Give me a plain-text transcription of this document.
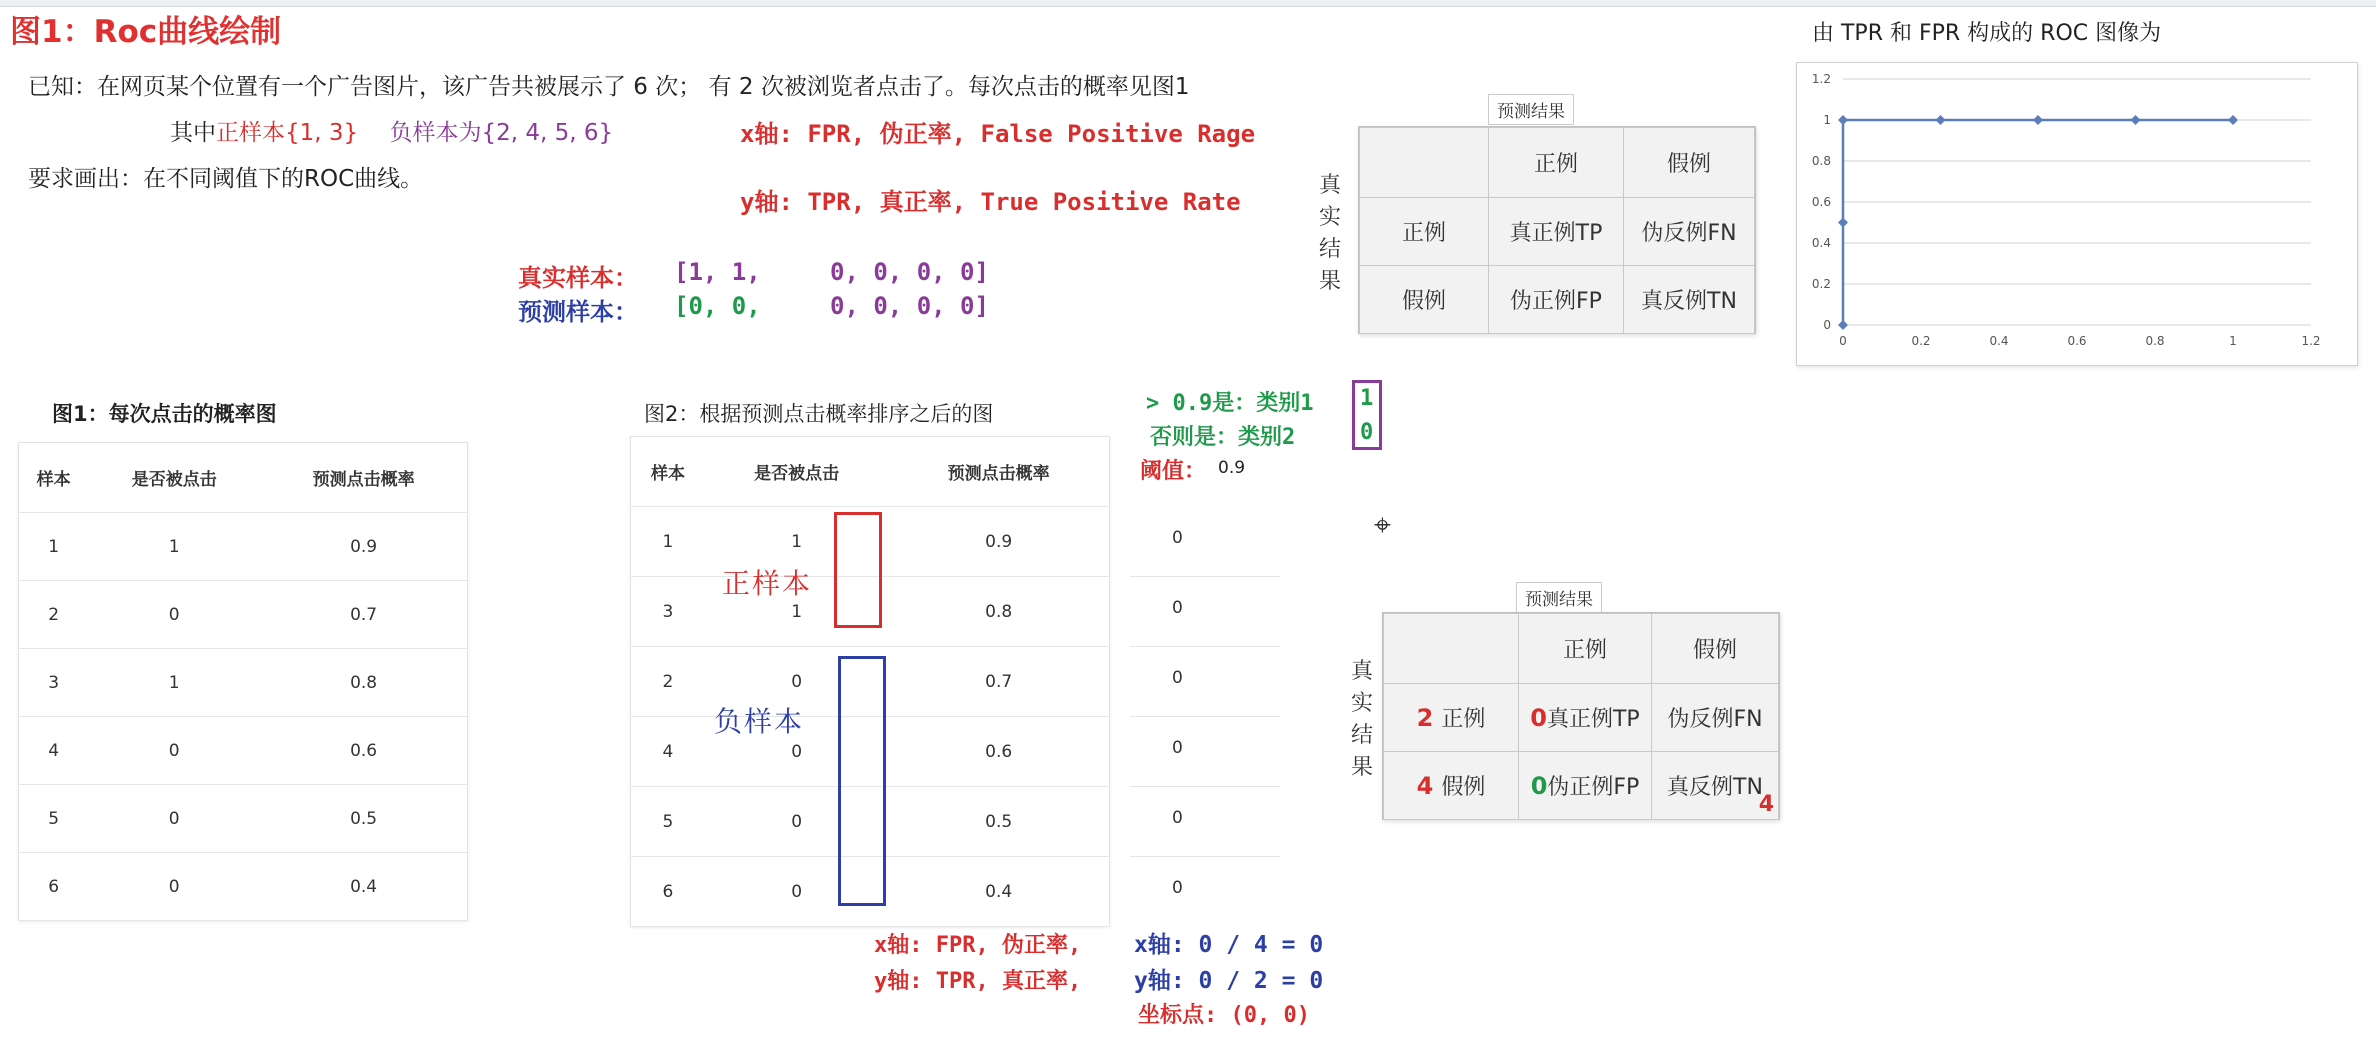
图1：Roc曲线绘制
已知：在网页某个位置有一个广告图片，该广告共被展示了 6 次； 有 2 次被浏览者点击了。每次点击的概率见图1
其中正样本{1, 3} 负样本为{2, 4, 5, 6}
要求画出：在不同阈值下的ROC曲线。
x轴: FPR, 伪正率, False Positive Rage
y轴: TPR, 真正率, True Positive Rate
真实样本： [1, 1,	0, 0, 0, 0]
预测样本： [0, 0,	0, 0, 0, 0]
预测结果
真
实
结
果
	正例	假例
正例	真正例TP	伪反例FN
假例	伪正例FP	真反例TN
由 TPR 和 FPR 构成的 ROC 图像为
0
0.2
0.4
0.6
0.8
1
1.2
0	0.2	0.4	0.6	0.8	1	1.2
图1：每次点击的概率图
样本	是否被点击	预测点击概率
1	1	0.9
2	0	0.7
3	1	0.8
4	0	0.6
5	0	0.5
6	0	0.4
图2：根据预测点击概率排序之后的图
样本	是否被点击	预测点击概率
1	1	0.9
3	1	0.8
2	0	0.7
4	0	0.6
5	0	0.5
6	0	0.4
0
0
0
0
0
0
正样本
负样本
> 0.9是：类别1
否则是：类别2
1
0
阈值： 0.9
⌖
预测结果
真
实
结
果
	正例	假例
2 正例	0真正例TP	伪反例FN
4 假例	0伪正例FP	真反例TN
4
x轴: FPR, 伪正率,
y轴: TPR, 真正率,
x轴: 0 / 4 = 0
y轴: 0 / 2 = 0
坐标点: (0, 0)
